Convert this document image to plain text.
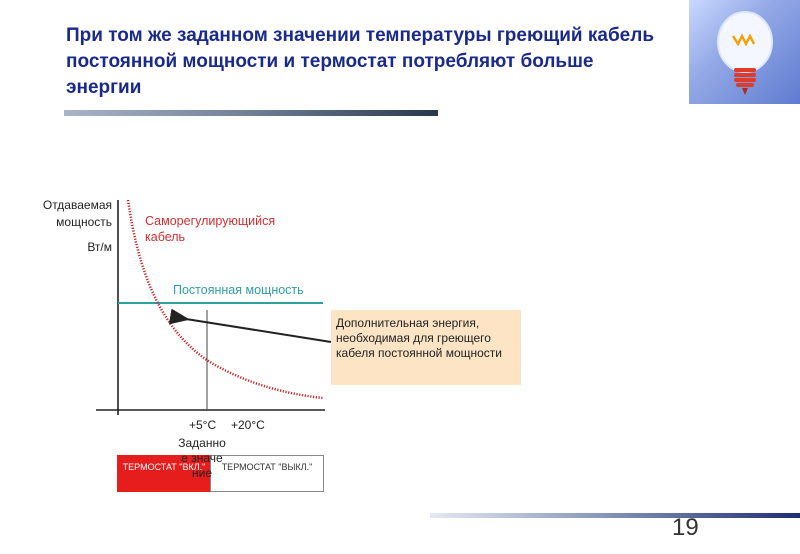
При том же заданном значении температуры греющий кабель постоянной мощности и термостат потребляют больше энергии
Отдаваемая
мощность
Вт/м
Саморегулирующийся кабель
Постоянная мощность
Дополнительная энергия, необходимая для греющего кабеля постоянной мощности
+5°C +20°C
ТЕРМОСТАТ "ВКЛ."	ТЕРМОСТАТ "ВЫКЛ."
Заданное значение
19
